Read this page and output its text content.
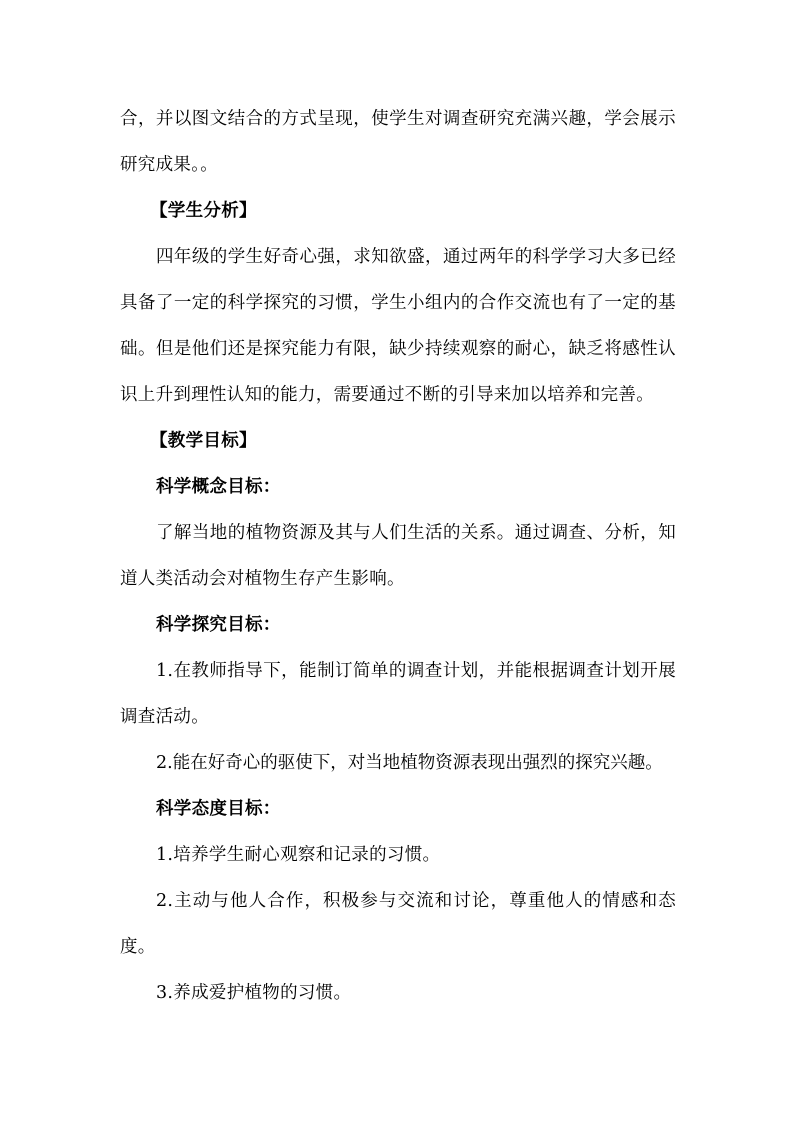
合，并以图文结合的方式呈现，使学生对调查研究充满兴趣，学会展示研究成果。。

【学生分析】

四年级的学生好奇心强，求知欲盛，通过两年的科学学习大多已经具备了一定的科学探究的习惯，学生小组内的合作交流也有了一定的基础。但是他们还是探究能力有限，缺少持续观察的耐心，缺乏将感性认识上升到理性认知的能力，需要通过不断的引导来加以培养和完善。

【教学目标】

科学概念目标：

了解当地的植物资源及其与人们生活的关系。通过调查、分析，知道人类活动会对植物生存产生影响。

科学探究目标：

1.在教师指导下，能制订简单的调查计划，并能根据调查计划开展调查活动。

2.能在好奇心的驱使下，对当地植物资源表现出强烈的探究兴趣。

科学态度目标：

1.培养学生耐心观察和记录的习惯。

2.主动与他人合作，积极参与交流和讨论，尊重他人的情感和态度。

3.养成爱护植物的习惯。
